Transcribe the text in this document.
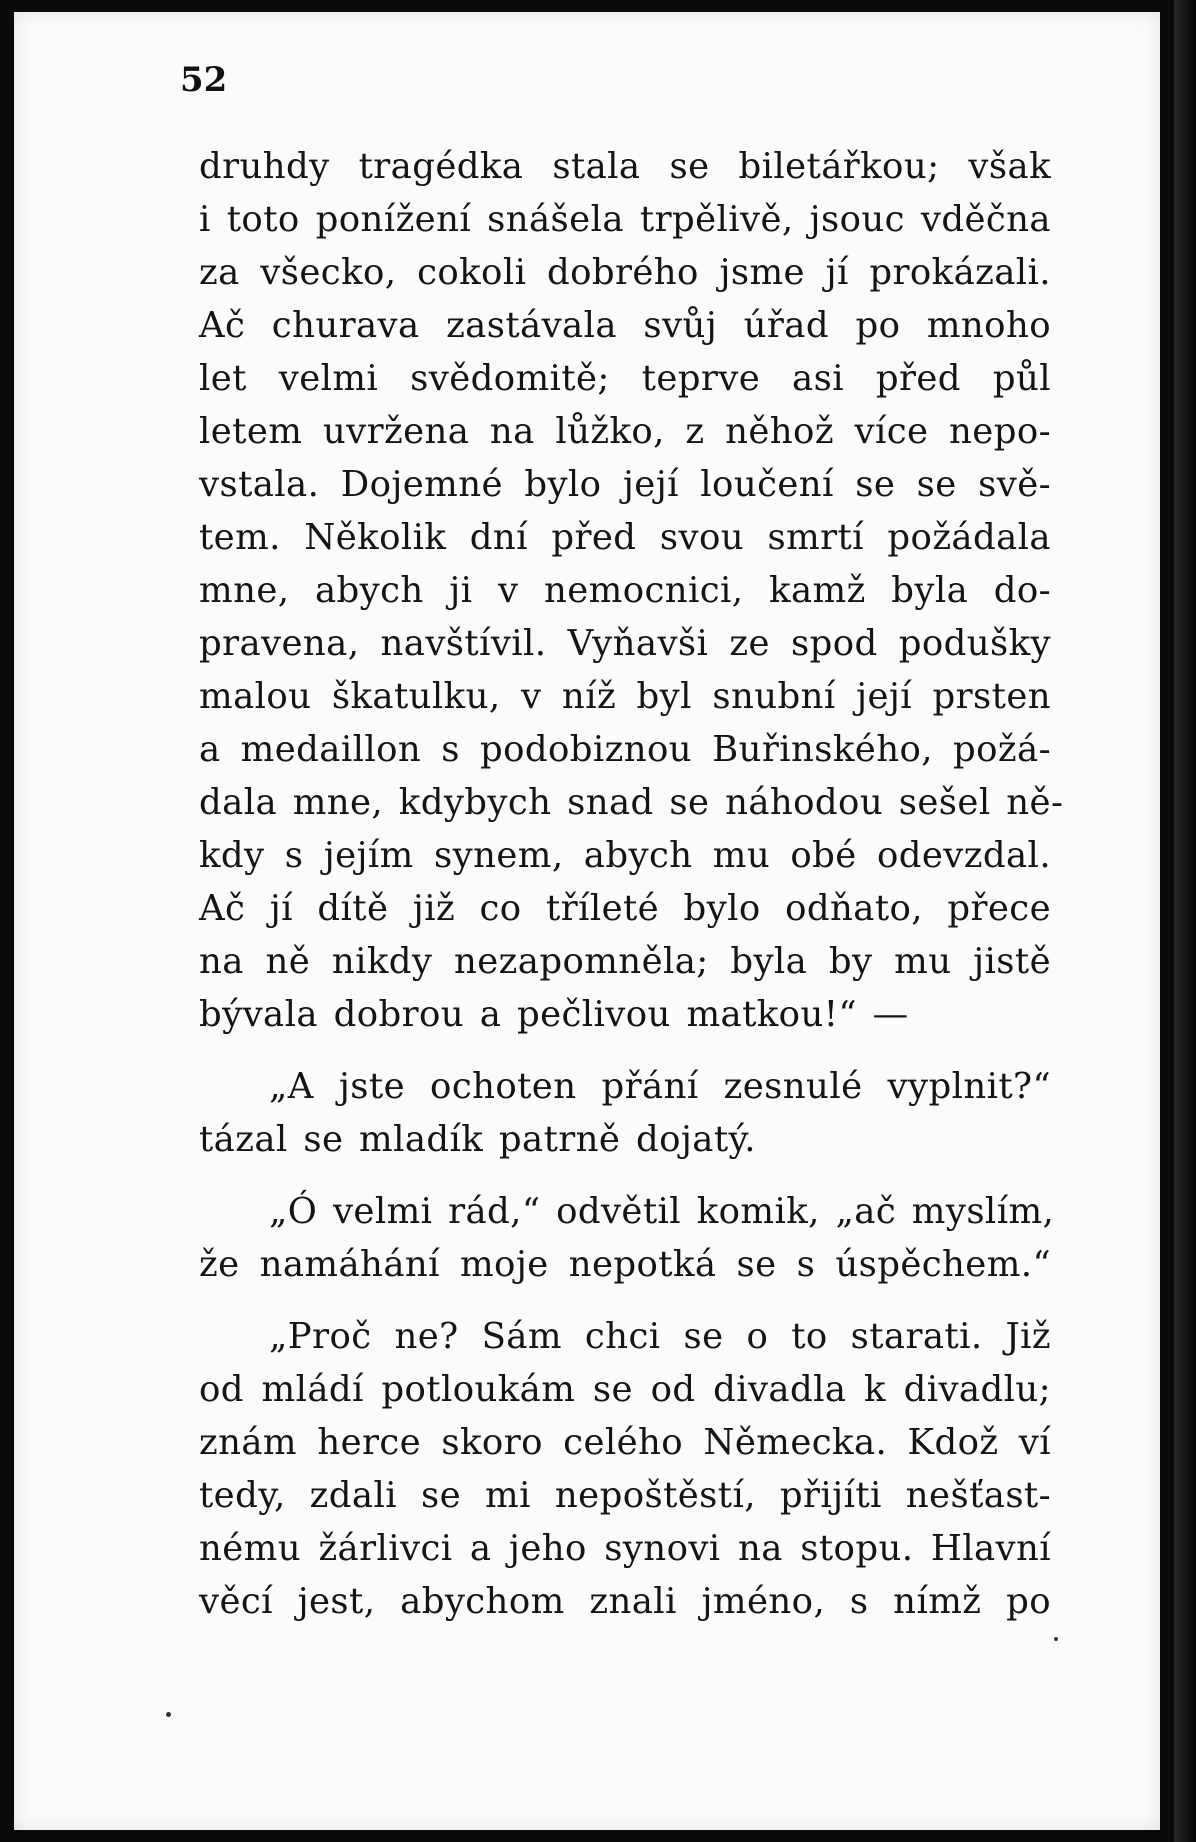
52
druhdy tragédka stala se biletářkou; však
i toto ponížení snášela trpělivě, jsouc vděčna
za všecko, cokoli dobrého jsme jí prokázali.
Ač churava zastávala svůj úřad po mnoho
let velmi svědomitě; teprve asi před půl
letem uvržena na lůžko, z něhož více nepo-
vstala. Dojemné bylo její loučení se se svě-
tem. Několik dní před svou smrtí požádala
mne, abych ji v nemocnici, kamž byla do-
pravena, navštívil. Vyňavši ze spod podušky
malou škatulku, v níž byl snubní její prsten
a medaillon s podobiznou Buřinského, požá-
dala mne, kdybych snad se náhodou sešel ně-
kdy s jejím synem, abych mu obé odevzdal.
Ač jí dítě již co tříleté bylo odňato, přece
na ně nikdy nezapomněla; byla by mu jistě
bývala dobrou a pečlivou matkou!“ —
„A jste ochoten přání zesnulé vyplnit?“
tázal se mladík patrně dojatý.
„Ó velmi rád,“ odvětil komik, „ač myslím,
že namáhání moje nepotká se s úspěchem.“
„Proč ne? Sám chci se o to starati. Již
od mládí potloukám se od divadla k divadlu;
znám herce skoro celého Německa. Kdož ví
tedy, zdali se mi nepoštěstí, přijíti nešťast-
nému žárlivci a jeho synovi na stopu. Hlavní
věcí jest, abychom znali jméno, s nímž po
